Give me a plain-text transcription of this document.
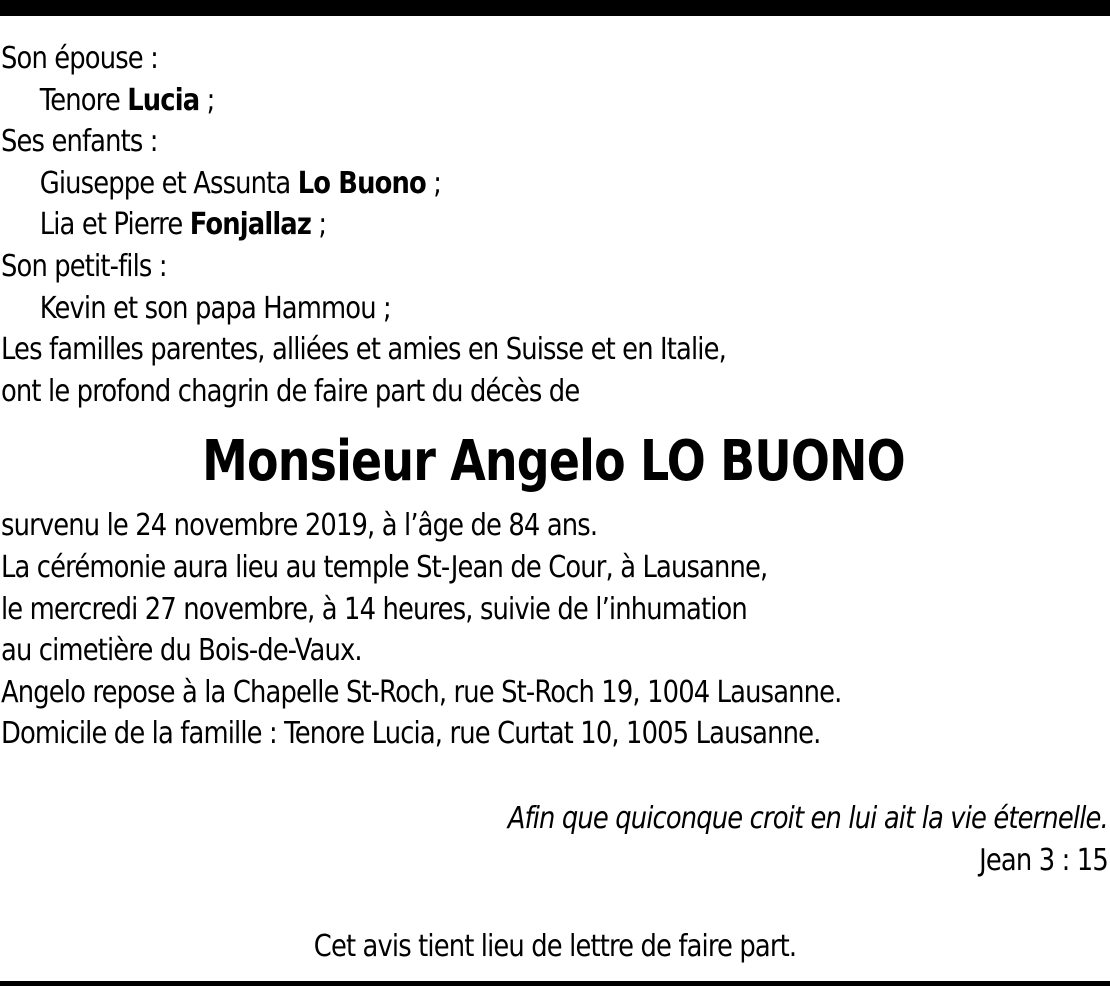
Son épouse :
Tenore Lucia ;
Ses enfants :
Giuseppe et Assunta Lo Buono ;
Lia et Pierre Fonjallaz ;
Son petit-fils :
Kevin et son papa Hammou ;
Les familles parentes, alliées et amies en Suisse et en Italie,
ont le profond chagrin de faire part du décès de
Monsieur Angelo LO BUONO
survenu le 24 novembre 2019, à l’âge de 84 ans.
La cérémonie aura lieu au temple St-Jean de Cour, à Lausanne,
le mercredi 27 novembre, à 14 heures, suivie de l’inhumation
au cimetière du Bois-de-Vaux.
Angelo repose à la Chapelle St-Roch, rue St-Roch 19, 1004 Lausanne.
Domicile de la famille : Tenore Lucia, rue Curtat 10, 1005 Lausanne.
Afin que quiconque croit en lui ait la vie éternelle.
Jean 3 : 15
Cet avis tient lieu de lettre de faire part.
